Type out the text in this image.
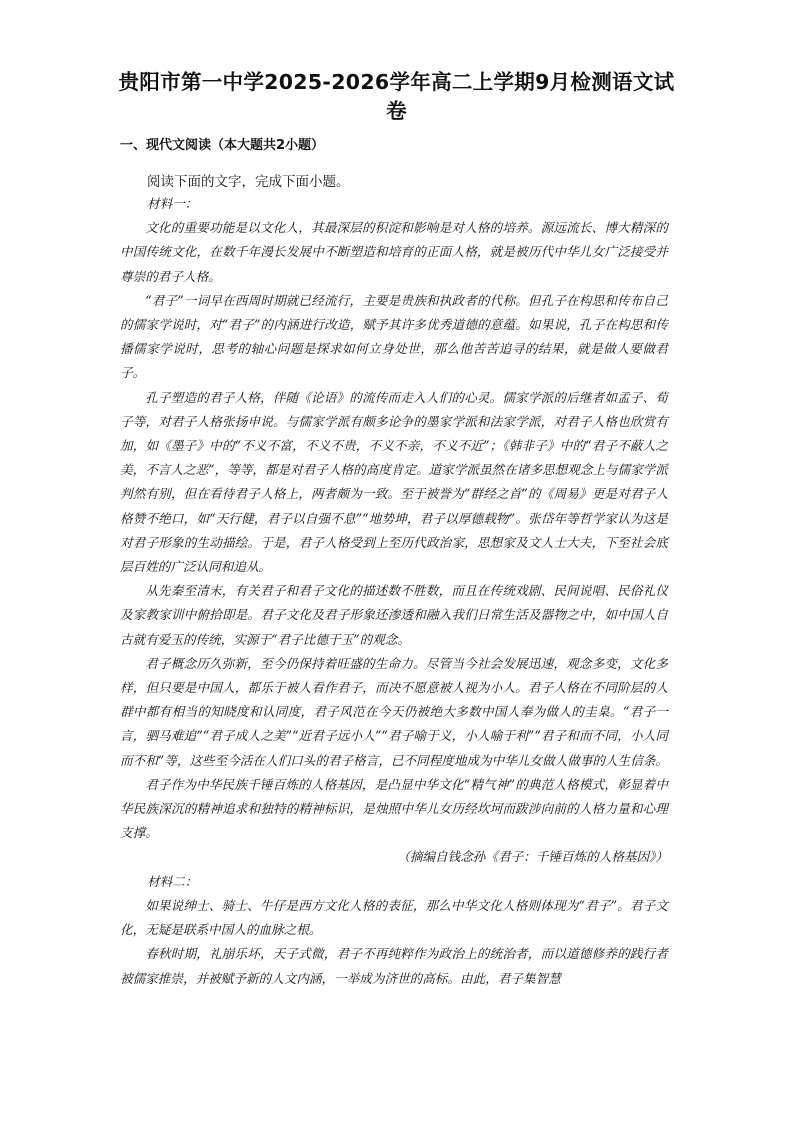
贵阳市第一中学2025-2026学年高二上学期9月检测语文试卷
一、现代文阅读（本大题共2小题）

阅读下面的文字，完成下面小题。

材料一：

文化的重要功能是以文化人，其最深层的积淀和影响是对人格的培养。源远流长、博大精深的中国传统文化，在数千年漫长发展中不断塑造和培育的正面人格，就是被历代中华儿女广泛接受并尊崇的君子人格。

“君子”一词早在西周时期就已经流行，主要是贵族和执政者的代称。但孔子在构思和传布自己的儒家学说时，对“君子”的内涵进行改造，赋予其许多优秀道德的意蕴。如果说，孔子在构思和传播儒家学说时，思考的轴心问题是探求如何立身处世，那么他苦苦追寻的结果，就是做人要做君子。

孔子塑造的君子人格，伴随《论语》的流传而走入人们的心灵。儒家学派的后继者如孟子、荀子等，对君子人格张扬申说。与儒家学派有颇多论争的墨家学派和法家学派，对君子人格也欣赏有加，如《墨子》中的“不义不富，不义不贵，不义不亲，不义不近”；《韩非子》中的“君子不蔽人之美，不言人之恶”，等等，都是对君子人格的高度肯定。道家学派虽然在诸多思想观念上与儒家学派判然有别，但在看待君子人格上，两者颇为一致。至于被誉为“群经之首”的《周易》更是对君子人格赞不绝口，如“天行健，君子以自强不息”“地势坤，君子以厚德载物”。张岱年等哲学家认为这是对君子形象的生动描绘。于是，君子人格受到上至历代政治家，思想家及文人士大夫，下至社会底层百姓的广泛认同和追从。

从先秦至清末，有关君子和君子文化的描述数不胜数，而且在传统戏剧、民间说唱、民俗礼仪及家教家训中俯拾即是。君子文化及君子形象还渗透和融入我们日常生活及器物之中，如中国人自古就有爱玉的传统，实源于“君子比德于玉”的观念。

君子概念历久弥新，至今仍保持着旺盛的生命力。尽管当今社会发展迅速，观念多变，文化多样，但只要是中国人，都乐于被人看作君子，而决不愿意被人视为小人。君子人格在不同阶层的人群中都有相当的知晓度和认同度，君子风范在今天仍被绝大多数中国人奉为做人的圭臬。“君子一言，驷马难追”“君子成人之美”“近君子远小人”“君子喻于义，小人喻于利”“君子和而不同，小人同而不和”等，这些至今活在人们口头的君子格言，已不同程度地成为中华儿女做人做事的人生信条。

君子作为中华民族千锤百炼的人格基因，是凸显中华文化“精气神”的典范人格模式，彰显着中华民族深沉的精神追求和独特的精神标识，是烛照中华儿女历经坎坷而跋涉向前的人格力量和心理支撑。

（摘编自钱念孙《君子：千锤百炼的人格基因》）

材料二：

如果说绅士、骑士、牛仔是西方文化人格的表征，那么中华文化人格则体现为“君子”。君子文化，无疑是联系中国人的血脉之根。

春秋时期，礼崩乐坏，天子式微，君子不再纯粹作为政治上的统治者，而以道德修养的践行者被儒家推崇，并被赋予新的人文内涵，一举成为济世的高标。由此，君子集智慧
